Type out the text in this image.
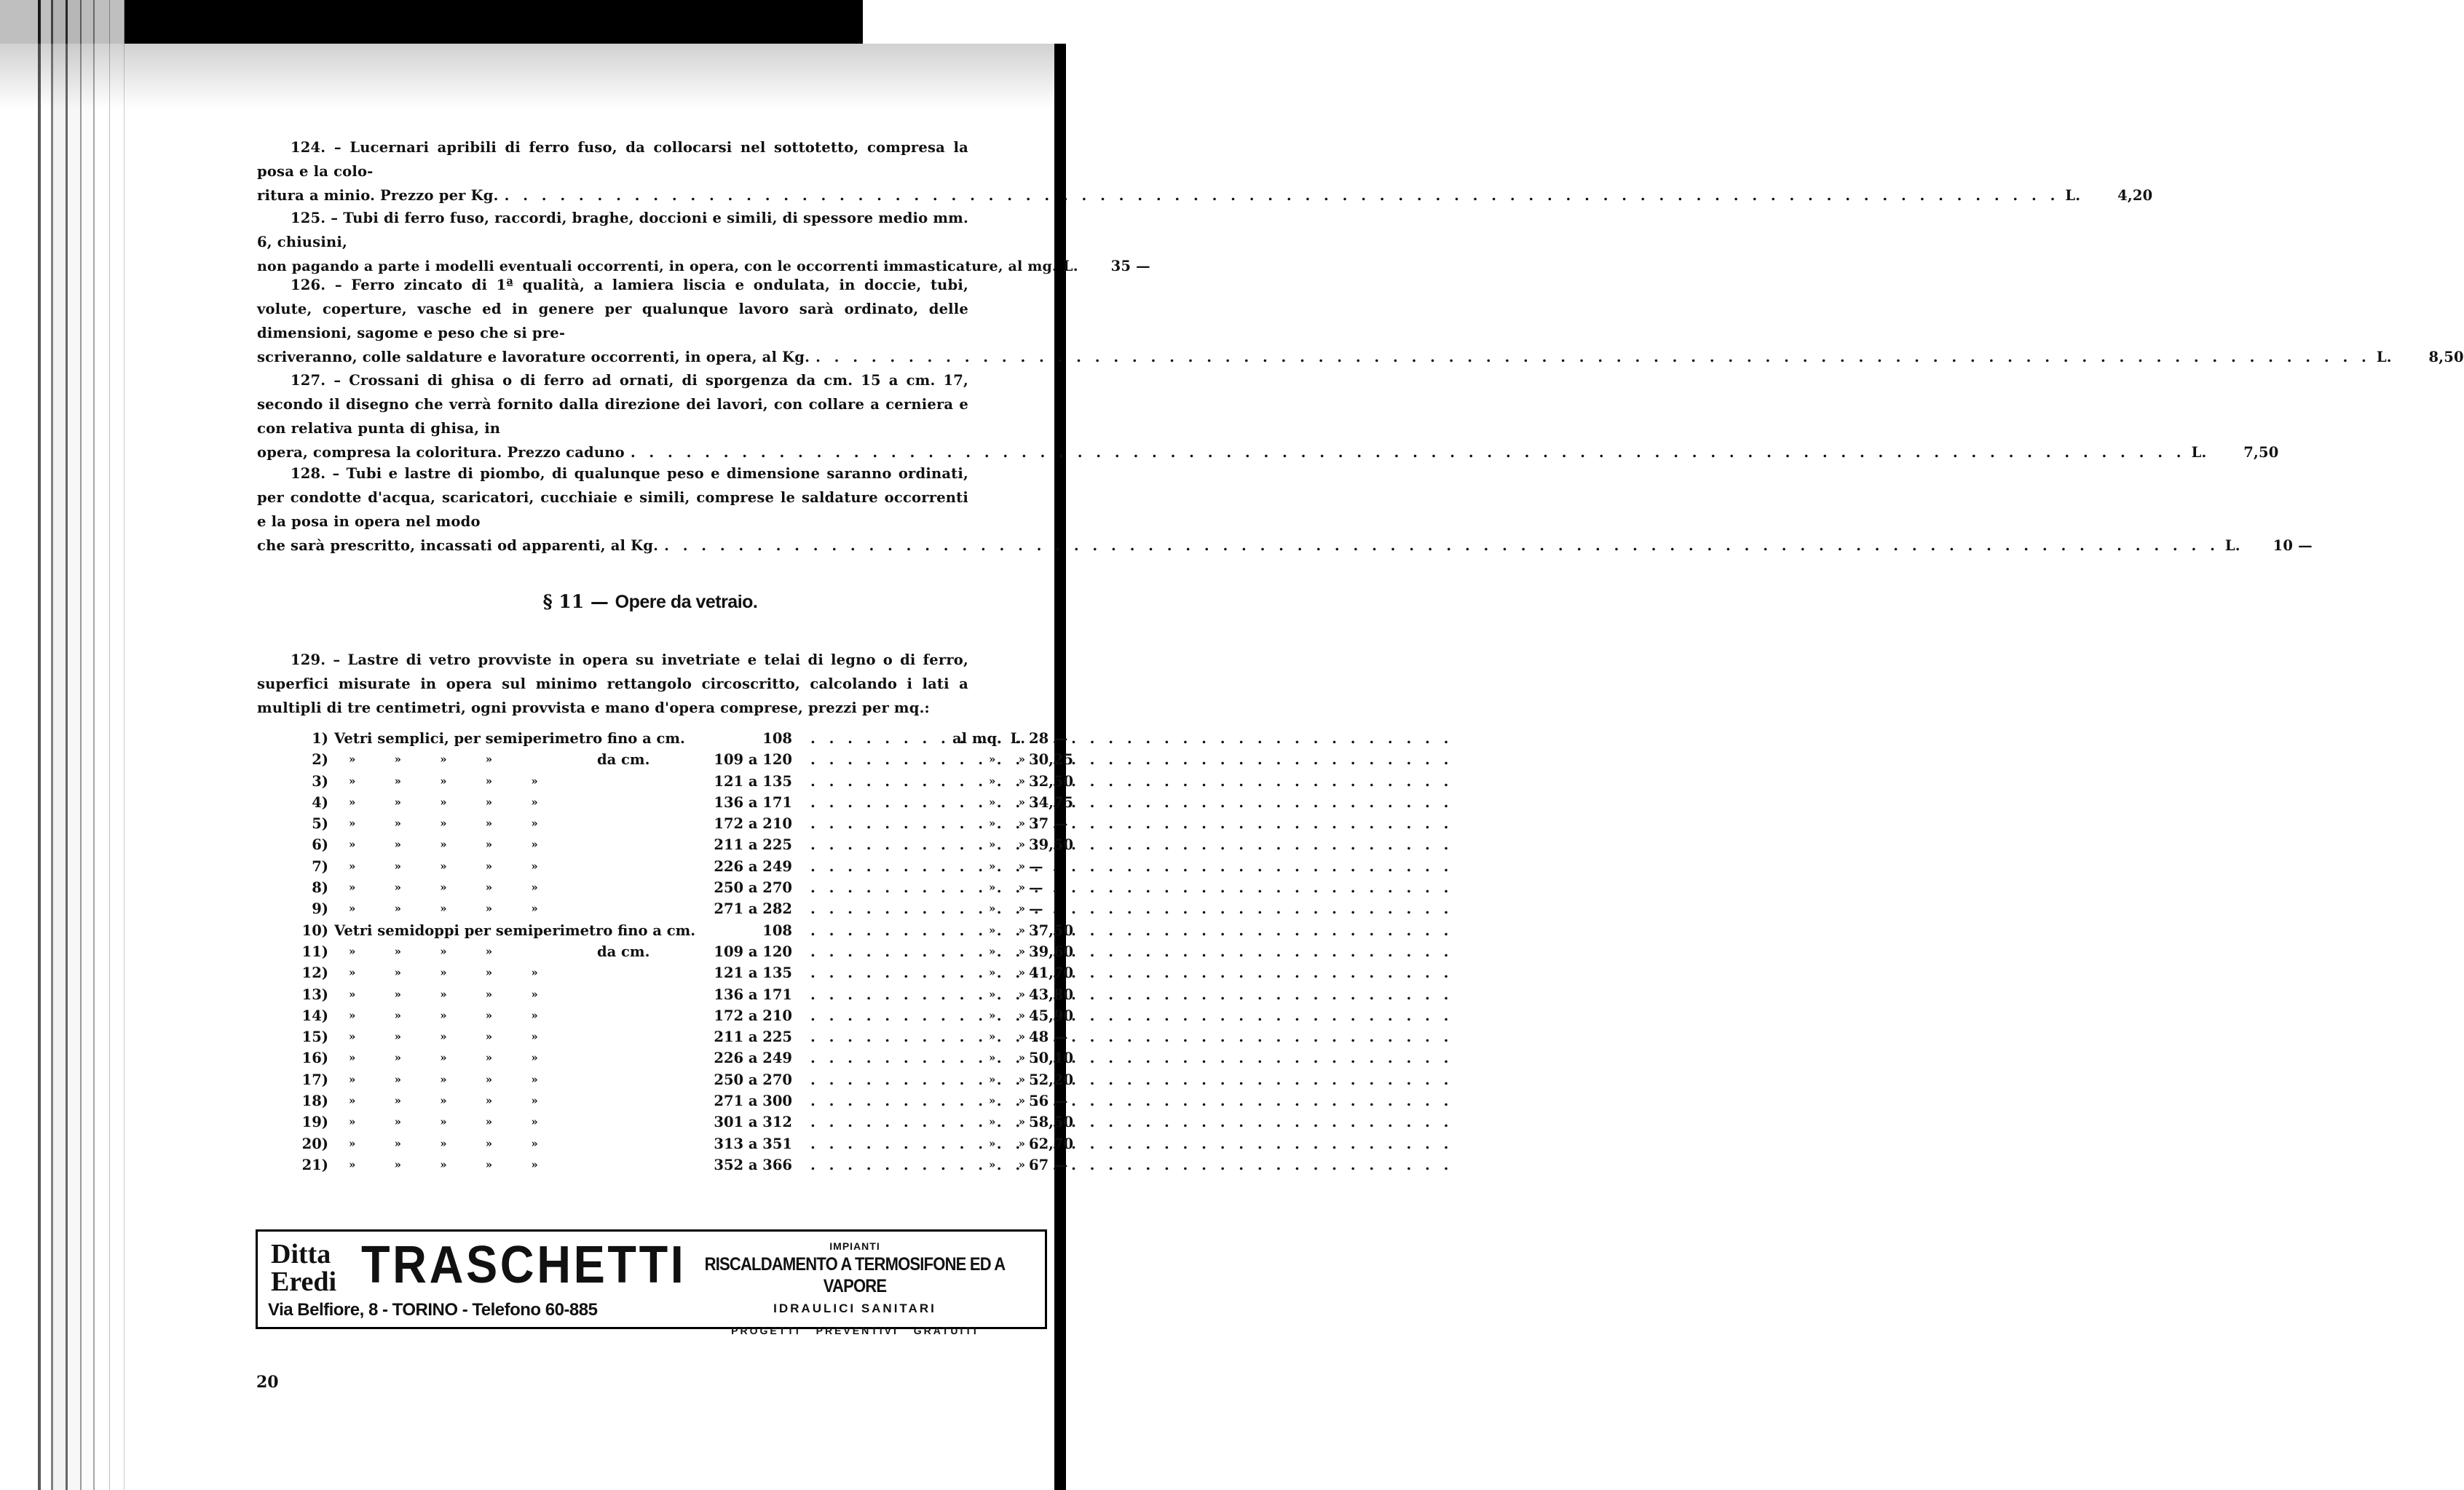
124. – Lucernari apribili di ferro fuso, da collocarsi nel sottotetto, compresa la posa e la colo-
ritura a minio. Prezzo per Kg. . . .	L.	4,20
125. – Tubi di ferro fuso, raccordi, braghe, doccioni e simili, di spessore medio mm. 6, chiusini,
non pagando a parte i modelli eventuali occorrenti, in opera, con le occorrenti immasticature, al mg. L.	35 —
126. – Ferro zincato di 1ª qualità, a lamiera liscia e ondulata, in doccie, tubi, volute, coperture, vasche ed in genere per qualunque lavoro sarà ordinato, delle dimensioni, sagome e peso che si pre-
scriveranno, colle saldature e lavorature occorrenti, in opera, al Kg. . . .	L.	8,50
127. – Crossani di ghisa o di ferro ad ornati, di sporgenza da cm. 15 a cm. 17, secondo il disegno che verrà fornito dalla direzione dei lavori, con collare a cerniera e con relativa punta di ghisa, in
opera, compresa la coloritura. Prezzo caduno . . .	L.	7,50
128. – Tubi e lastre di piombo, di qualunque peso e dimensione saranno ordinati, per condotte d'acqua, scaricatori, cucchiaie e simili, comprese le saldature occorrenti e la posa in opera nel modo
che sarà prescritto, incassati od apparenti, al Kg. . . .	L.	10 —
§ 11 — Opere da vetraio.
129. – Lastre di vetro provviste in opera su invetriate e telai di legno o di ferro, superfici misurate in opera sul minimo rettangolo circoscritto, calcolando i lati a multipli di tre centimetri, ogni provvista e mano d'opera comprese, prezzi per mq.:
1) Vetri semplici, per semiperimetro fino a cm.	108 . . .	al mq. L. 28 —
2) » » » »	da cm.	109 a 120 . . .	»	» 30,25
3) » » » » »	121 a 135 . . .	»	» 32,50
4) » » » » »	136 a 171 . . .	»	» 34,75
5) » » » » »	172 a 210 . . .	»	» 37 —
6) » » » » »	211 a 225 . . .	»	» 39,50
7) » » » » »	226 a 249 . . .	»	» —
8) » » » » »	250 a 270 . . .	»	» —
9) » » » » »	271 a 282 . . .	»	» —
10) Vetri semidoppi per semiperimetro fino a cm.	108 . . .	»	» 37,50
11) » » » »	da cm.	109 a 120 . . .	»	» 39,60
12) » » » » »	121 a 135 . . .	»	» 41,70
13) » » » » »	136 a 171 . . .	»	» 43,80
14) » » » » »	172 a 210 . . .	»	» 45,90
15) » » » » »	211 a 225 . . .	»	» 48 —
16) » » » » »	226 a 249 . . .	»	» 50,10
17) » » » » »	250 a 270 . . .	»	» 52,20
18) » » » » »	271 a 300 . . .	»	» 56 —
19) » » » » »	301 a 312 . . .	»	» 58,50
20) » » » » »	313 a 351 . . .	»	» 62,70
21) » » » » »	352 a 366 . . .	»	» 67 —
Ditta
Eredi TRASCHETTI
Via Belfiore, 8 - TORINO - Telefono 60-885
IMPIANTI
RISCALDAMENTO A TERMOSIFONE ED A VAPORE
IDRAULICI SANITARI
PROGETTI PREVENTIVI GRATUITI
20
